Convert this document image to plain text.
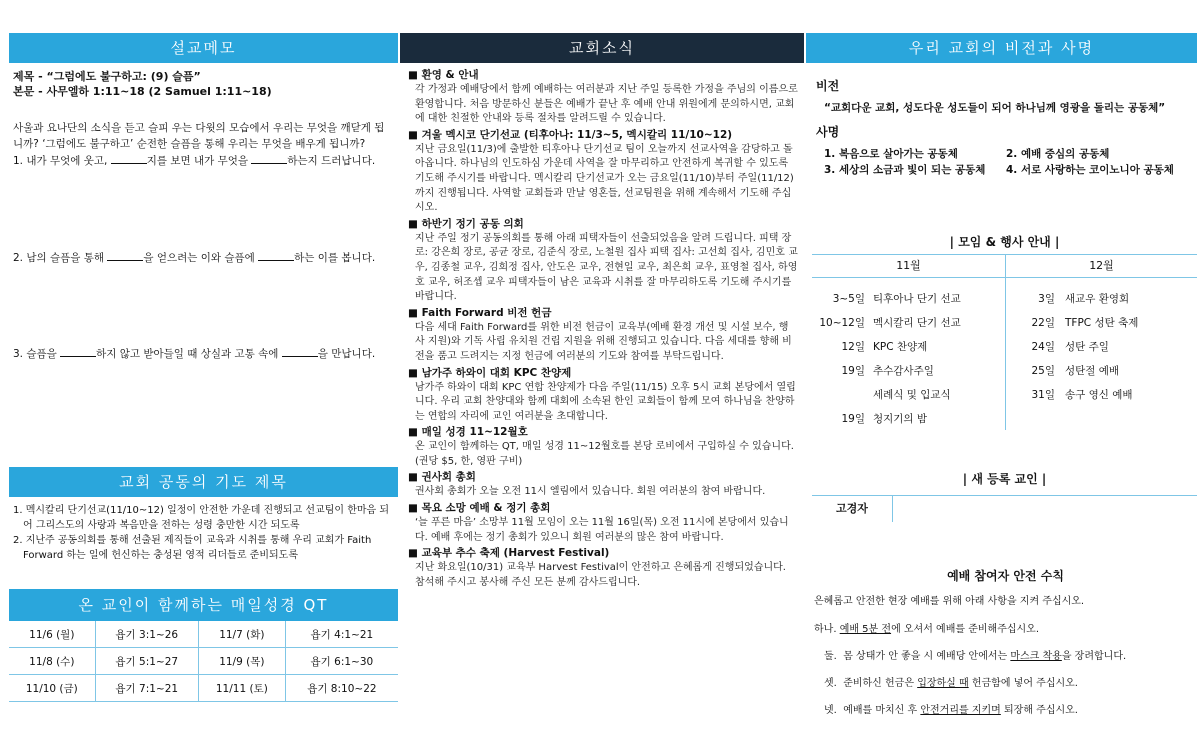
설교메모
제목 - “그럼에도 불구하고: (9) 슬픔”
본문 - 사무엘하 1:11~18 (2 Samuel 1:11~18)
사울과 요나단의 소식을 듣고 슬피 우는 다윗의 모습에서 우리는 무엇을 깨닫게 됩니까? ‘그럼에도 불구하고’ 순전한 슬픔을 통해 우리는 무엇을 배우게 됩니까?
1. 내가 무엇에 웃고,	지를 보면 내가 무엇을	하는지 드러납니다.
2. 남의 슬픔을 통해	을 얻으려는 이와 슬픔에	하는 이를 봅니다.
3. 슬픔을	하지 않고 받아들일 때 상실과 고통 속에	을 만납니다.
교회 공동의 기도 제목
1. 멕시칼리 단기선교(11/10~12) 일정이 안전한 가운데 진행되고 선교팀이 한마음 되어 그리스도의 사랑과 복음만을 전하는 성령 충만한 시간 되도록
2. 지난주 공동의회를 통해 선출된 제직들이 교육과 시취를 통해 우리 교회가 Faith Forward 하는 일에 헌신하는 충성된 영적 리더들로 준비되도록
온 교인이 함께하는 매일성경 QT
11/6 (월)	욥기 3:1~26	11/7 (화)	욥기 4:1~21
11/8 (수)	욥기 5:1~27	11/9 (목)	욥기 6:1~30
11/10 (금)	욥기 7:1~21	11/11 (토)	욥기 8:10~22
교회소식
■ 환영 & 안내
각 가정과 예배당에서 함께 예배하는 여러분과 지난 주일 등록한 가정을 주님의 이름으로 환영합니다. 처음 방문하신 분들은 예배가 끝난 후 예배 안내 위원에게 문의하시면, 교회에 대한 친절한 안내와 등록 절차를 알려드릴 수 있습니다.
■ 겨울 멕시코 단기선교 (티후아나: 11/3~5, 멕시칼리 11/10~12)
지난 금요일(11/3)에 출발한 티후아나 단기선교 팀이 오늘까지 선교사역을 감당하고 돌아옵니다. 하나님의 인도하심 가운데 사역을 잘 마무리하고 안전하게 복귀할 수 있도록 기도해 주시기를 바랍니다. 멕시칼리 단기선교가 오는 금요일(11/10)부터 주일(11/12)까지 진행됩니다. 사역할 교회들과 만날 영혼들, 선교팀원을 위해 계속해서 기도해 주십시오.
■ 하반기 정기 공동 의회
지난 주일 정기 공동의회를 통해 아래 피택자들이 선출되었음을 알려 드립니다. 피택 장로: 강은희 장로, 공균 장로, 김준식 장로, 노철원 집사 피택 집사: 고선희 집사, 김민호 교우, 김종철 교우, 김희정 집사, 안도은 교우, 전현일 교우, 최은희 교우, 표영철 집사, 하영호 교우, 허조셉 교우 피택자들이 남은 교육과 시취를 잘 마무리하도록 기도해 주시기를 바랍니다.
■ Faith Forward 비전 헌금
다음 세대 Faith Forward를 위한 비전 헌금이 교육부(예배 환경 개선 및 시설 보수, 행사 지원)와 기독 사립 유치원 건립 지원을 위해 진행되고 있습니다. 다음 세대를 향해 비전을 품고 드려지는 지정 헌금에 여러분의 기도와 참여를 부탁드립니다.
■ 남가주 하와이 대회 KPC 찬양제
남가주 하와이 대회 KPC 연합 찬양제가 다음 주일(11/15) 오후 5시 교회 본당에서 열립니다. 우리 교회 찬양대와 함께 대회에 소속된 한인 교회들이 함께 모여 하나님을 찬양하는 연합의 자리에 교인 여러분을 초대합니다.
■ 매일 성경 11~12월호
온 교인이 함께하는 QT, 매일 성경 11~12월호를 본당 로비에서 구입하실 수 있습니다. (권당 $5, 한, 영판 구비)
■ 권사회 총회
권사회 총회가 오늘 오전 11시 엘림에서 있습니다. 회원 여러분의 참여 바랍니다.
■ 목요 소망 예배 & 정기 총회
‘늘 푸른 마음’ 소망부 11월 모임이 오는 11월 16일(목) 오전 11시에 본당에서 있습니다. 예배 후에는 정기 총회가 있으니 회원 여러분의 많은 참여 바랍니다.
■ 교육부 추수 축제 (Harvest Festival)
지난 화요일(10/31) 교육부 Harvest Festival이 안전하고 은혜롭게 진행되었습니다. 참석해 주시고 봉사해 주신 모든 분께 감사드립니다.
우리 교회의 비전과 사명
비전
“교회다운 교회, 성도다운 성도들이 되어 하나님께 영광을 돌리는 공동체”
사명
1. 복음으로 살아가는 공동체
3. 세상의 소금과 빛이 되는 공동체
2. 예배 중심의 공동체
4. 서로 사랑하는 코이노니아 공동체
| 모임 & 행사 안내 |
11월
3~5일	티후아나 단기 선교
10~12일	멕시칼리 단기 선교
12일	KPC 찬양제
19일	추수감사주일
	세례식 및 입교식
19일	청지기의 밤
12월
3일	새교우 환영회
22일	TFPC 성탄 축제
24일	성탄 주일
25일	성탄절 예배
31일	송구 영신 예배
| 새 등록 교인 |
고경자
예배 참여자 안전 수칙
은혜롭고 안전한 현장 예배를 위해 아래 사항을 지켜 주십시오.
하나. 예배 5분 전에 오셔서 예배를 준비해주십시오.
둘. 몸 상태가 안 좋을 시 예배당 안에서는 마스크 착용을 장려합니다.
셋. 준비하신 헌금은 입장하실 때 헌금함에 넣어 주십시오.
넷. 예배를 마치신 후 안전거리를 지키며 퇴장해 주십시오.
